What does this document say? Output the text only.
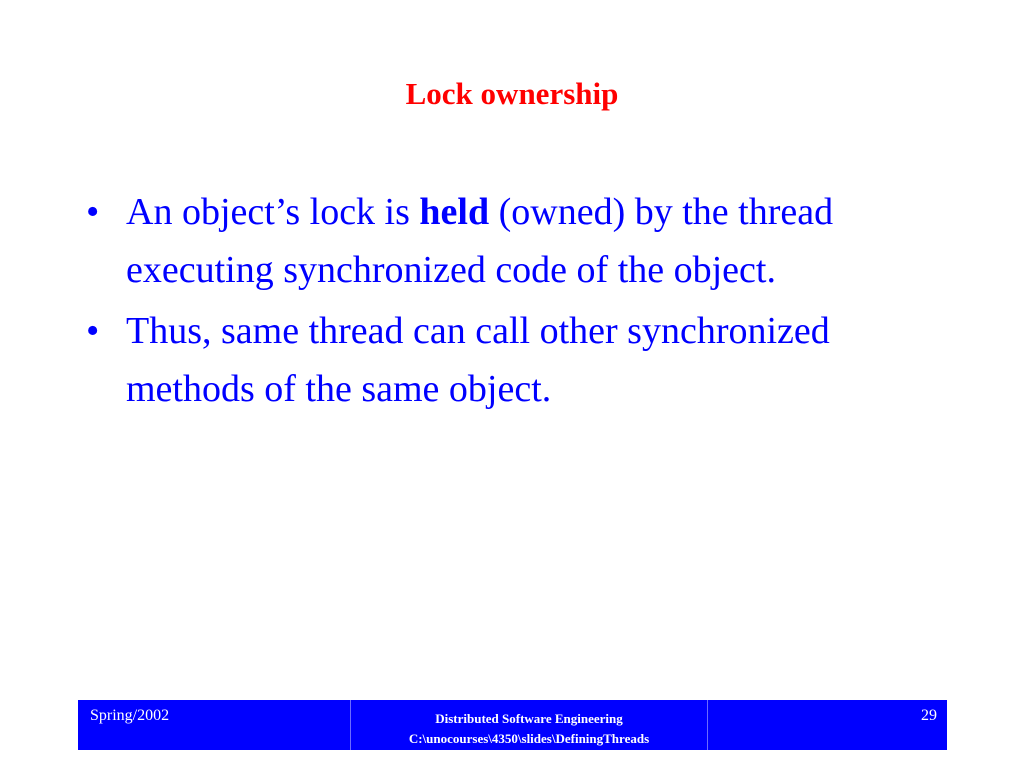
Lock ownership
• An object’s lock is held (owned) by the thread executing synchronized code of the object.
• Thus, same thread can call other synchronized methods of the same object.
Spring/2002	Distributed Software Engineering
C:\unocourses\4350\slides\DefiningThreads
29
